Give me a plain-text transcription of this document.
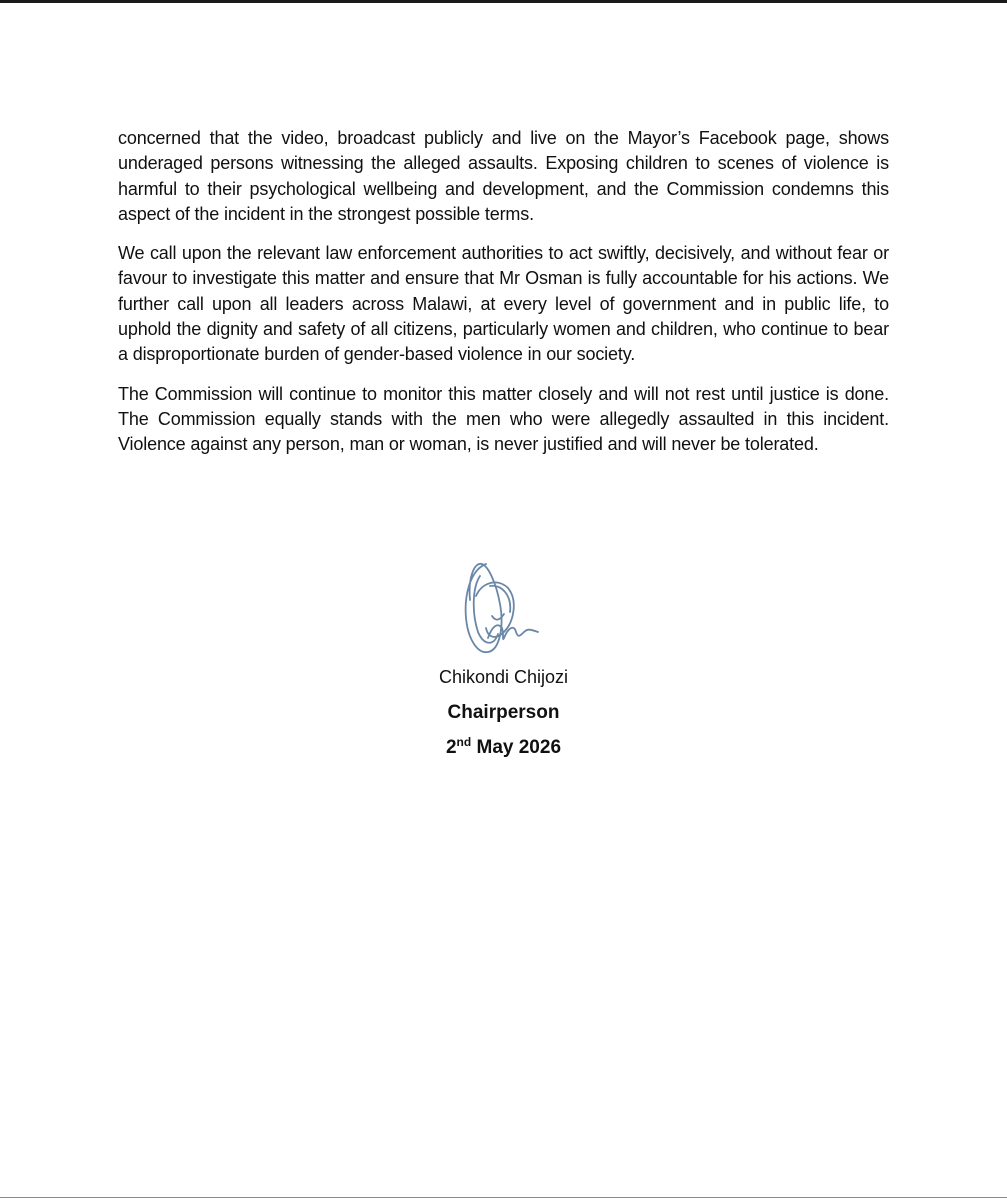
concerned that the video, broadcast publicly and live on the Mayor’s Facebook page, shows underaged persons witnessing the alleged assaults. Exposing children to scenes of violence is harmful to their psychological wellbeing and development, and the Commission condemns this aspect of the incident in the strongest possible terms.

We call upon the relevant law enforcement authorities to act swiftly, decisively, and without fear or favour to investigate this matter and ensure that Mr Osman is fully accountable for his actions. We further call upon all leaders across Malawi, at every level of government and in public life, to uphold the dignity and safety of all citizens, particularly women and children, who continue to bear a disproportionate burden of gender-based violence in our society.

The Commission will continue to monitor this matter closely and will not rest until justice is done. The Commission equally stands with the men who were allegedly assaulted in this incident. Violence against any person, man or woman, is never justified and will never be tolerated.

Chikondi Chijozi
Chairperson
2nd May 2026
